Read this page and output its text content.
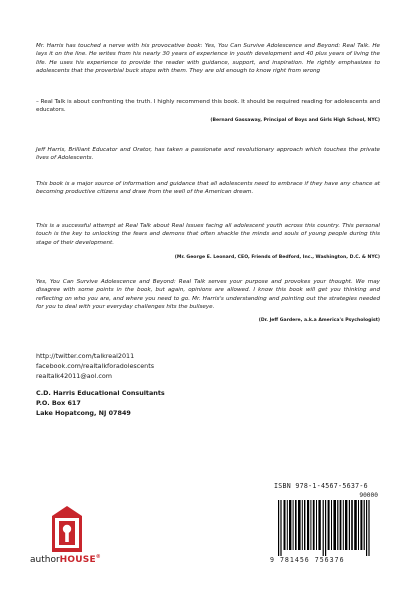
Mr. Harris has touched a nerve with his provocative book: Yes, You Can Survive Adolescence and Beyond: Real Talk. He lays it on the line. He writes from his nearly 30 years of experience in youth development and 40 plus years of living the life. He uses his experience to provide the reader with guidance, support, and inspiration. He rightly emphasizes to adolescents that the proverbial buck stops with them. They are old enough to know right from wrong

– Real Talk is about confronting the truth. I highly recommend this book. It should be required reading for adolescents and educators.

(Bernard Gassaway, Principal of Boys and Girls High School, NYC)

Jeff Harris, Brilliant Educator and Orator, has taken a passionate and revolutionary approach which touches the private lives of Adolescents.

This book is a major source of information and guidance that all adolescents need to embrace if they have any chance at becoming productive citizens and draw from the well of the American dream.

This is a successful attempt at Real Talk about Real Issues facing all adolescent youth across this country. This personal touch is the key to unlocking the fears and demons that often shackle the minds and souls of young people during this stage of their development.

(Mr. George E. Leonard, CEO, Friends of Bedford, Inc., Washington, D.C. & NYC)

Yes, You Can Survive Adolescence and Beyond: Real Talk serves your purpose and provokes your thought. We may disagree with some points in the book, but again, opinions are allowed. I know this book will get you thinking and reflecting on who you are, and where you need to go. Mr. Harris's understanding and pointing out the strategies needed for you to deal with your everyday challenges hits the bullseye.

(Dr. Jeff Gardere, a.k.a America's Psychologist)

http://twitter.com/talkreal2011

facebook.com/realtalkforadolescents

realtalk42011@aol.com

C.D. Harris Educational Consultants

P.O. Box 617

Lake Hopatcong, NJ 07849

authorHOUSE®
ISBN 978-1-4567-5637-6
90000
9 781456 756376
